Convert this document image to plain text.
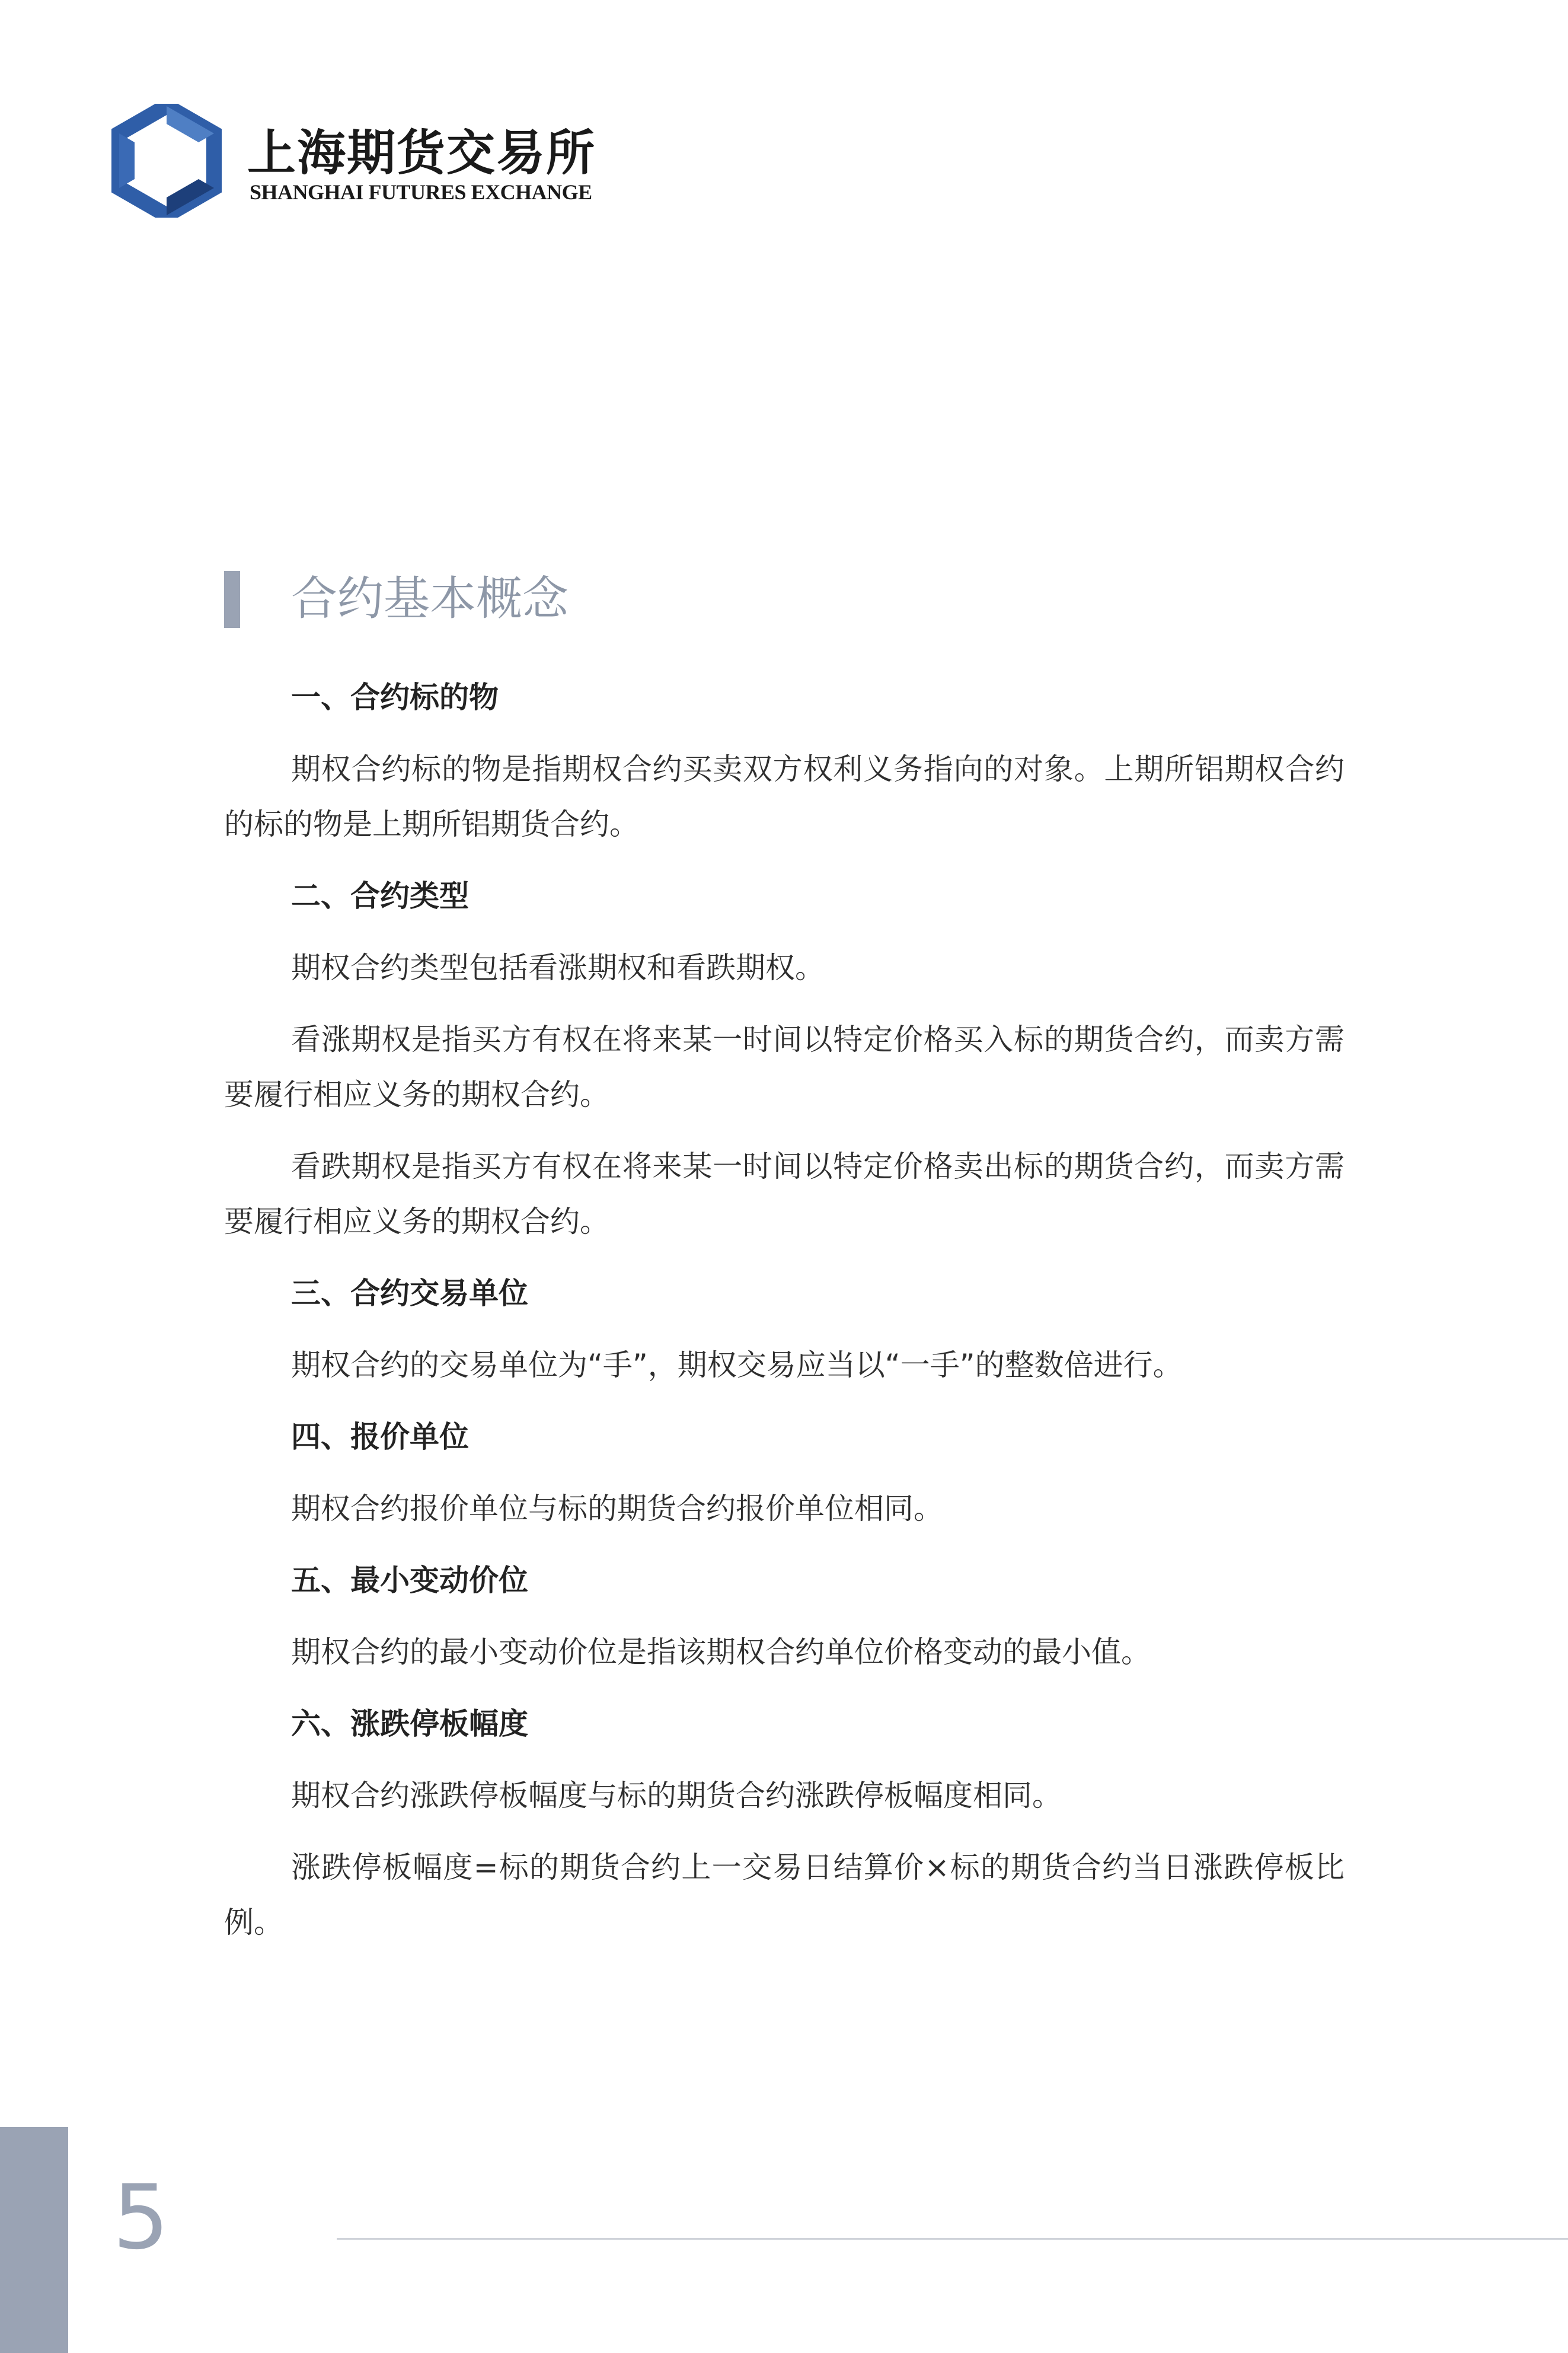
上海期货交易所
SHANGHAI FUTURES EXCHANGE
合约基本概念
一、合约标的物

期权合约标的物是指期权合约买卖双方权利义务指向的对象。上期所铝期权合约的标的物是上期所铝期货合约。

二、合约类型

期权合约类型包括看涨期权和看跌期权。

看涨期权是指买方有权在将来某一时间以特定价格买入标的期货合约，而卖方需要履行相应义务的期权合约。

看跌期权是指买方有权在将来某一时间以特定价格卖出标的期货合约，而卖方需要履行相应义务的期权合约。

三、合约交易单位

期权合约的交易单位为“手”，期权交易应当以“一手”的整数倍进行。

四、报价单位

期权合约报价单位与标的期货合约报价单位相同。

五、最小变动价位

期权合约的最小变动价位是指该期权合约单位价格变动的最小值。

六、涨跌停板幅度

期权合约涨跌停板幅度与标的期货合约涨跌停板幅度相同。

涨跌停板幅度=标的期货合约上一交易日结算价×标的期货合约当日涨跌停板比例。

5
